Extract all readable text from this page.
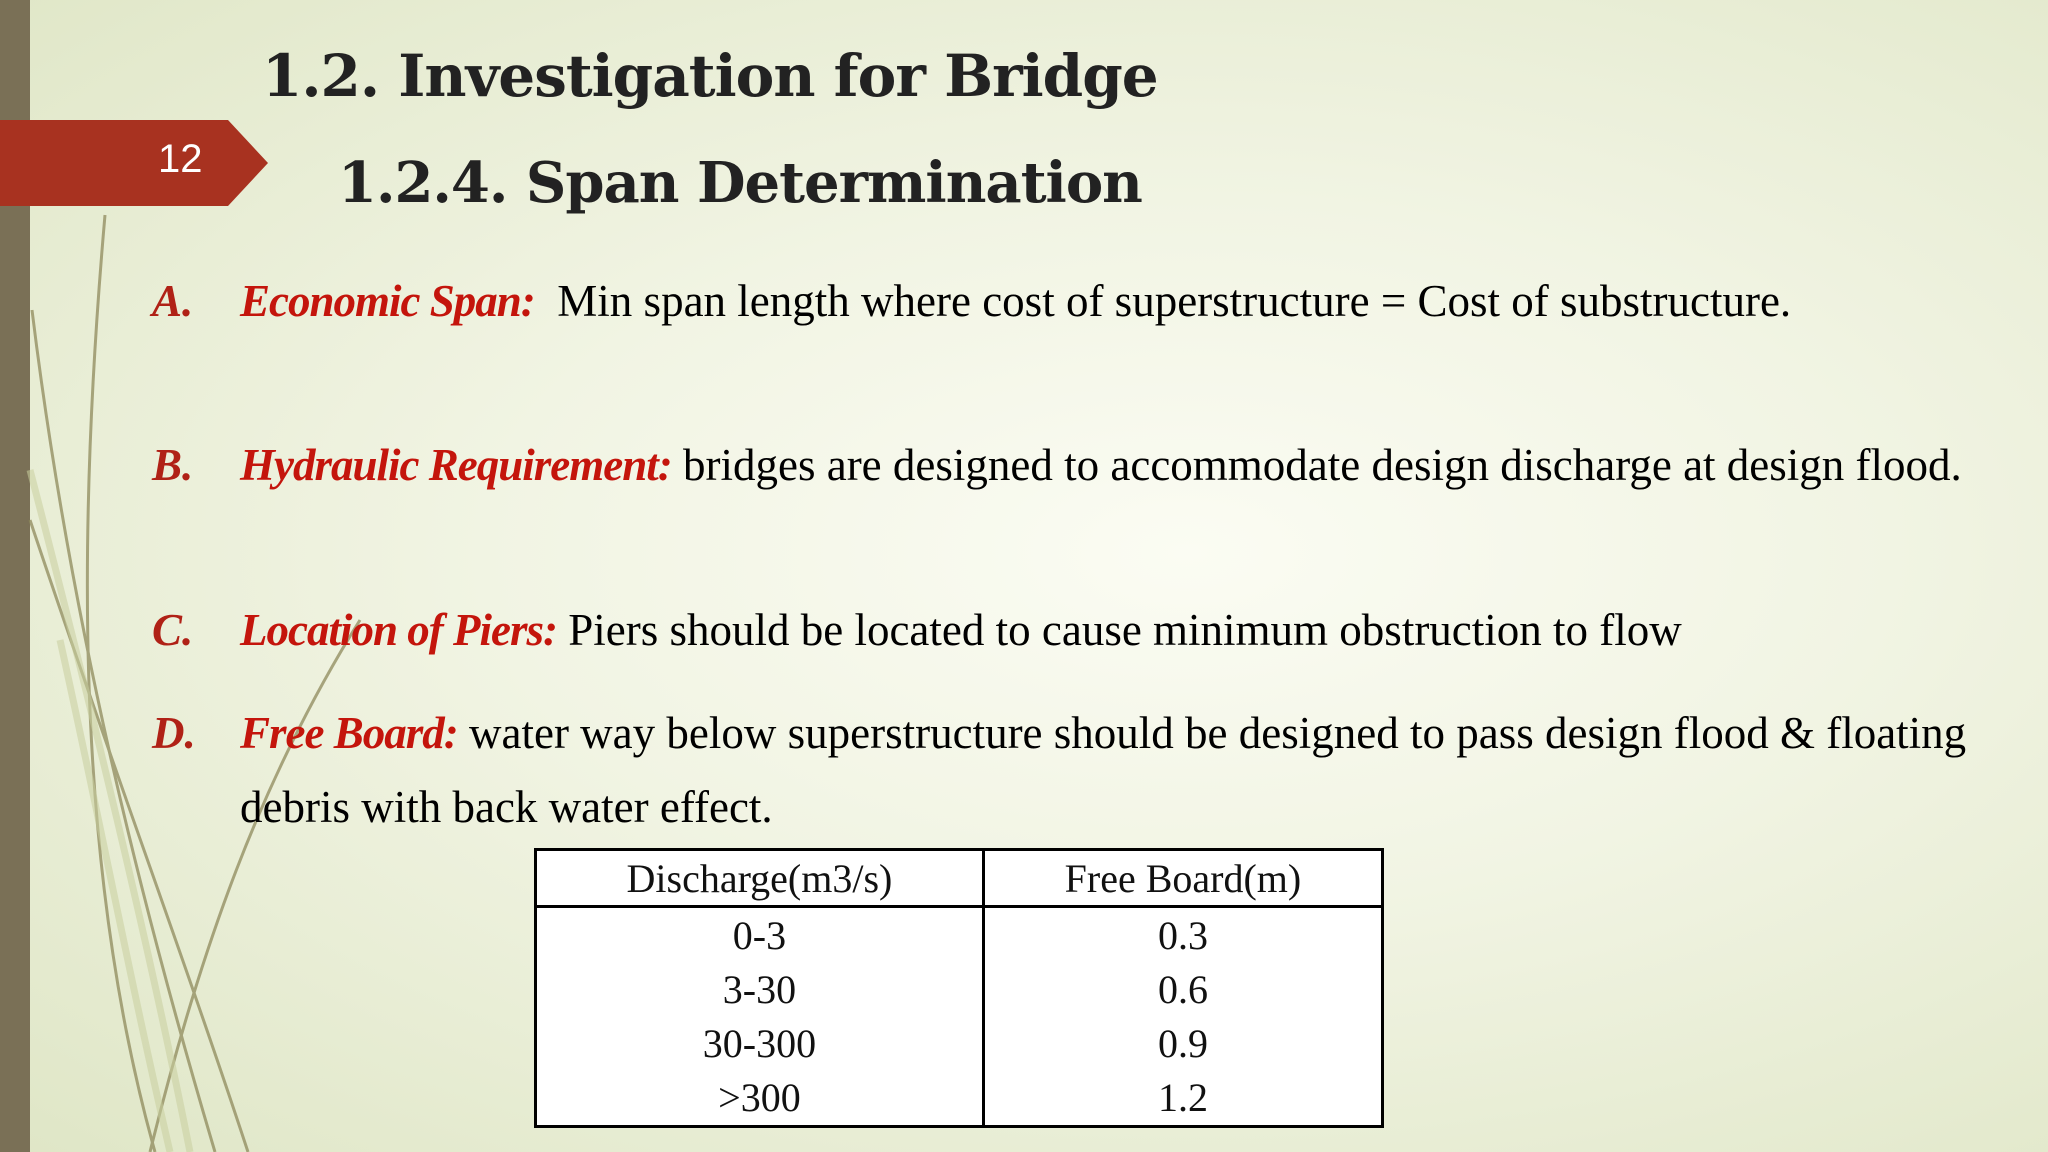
12
1.2. Investigation for Bridge
1.2.4. Span Determination
A. Economic Span: Min span length where cost of superstructure = Cost of substructure.
B. Hydraulic Requirement: bridges are designed to accommodate design discharge at design flood.
C. Location of Piers: Piers should be located to cause minimum obstruction to flow
D. Free Board: water way below superstructure should be designed to pass design flood & floating debris with back water effect.
Discharge(m3/s)	Free Board(m)
0-3	0.3
3-30	0.6
30-300	0.9
>300	1.2
